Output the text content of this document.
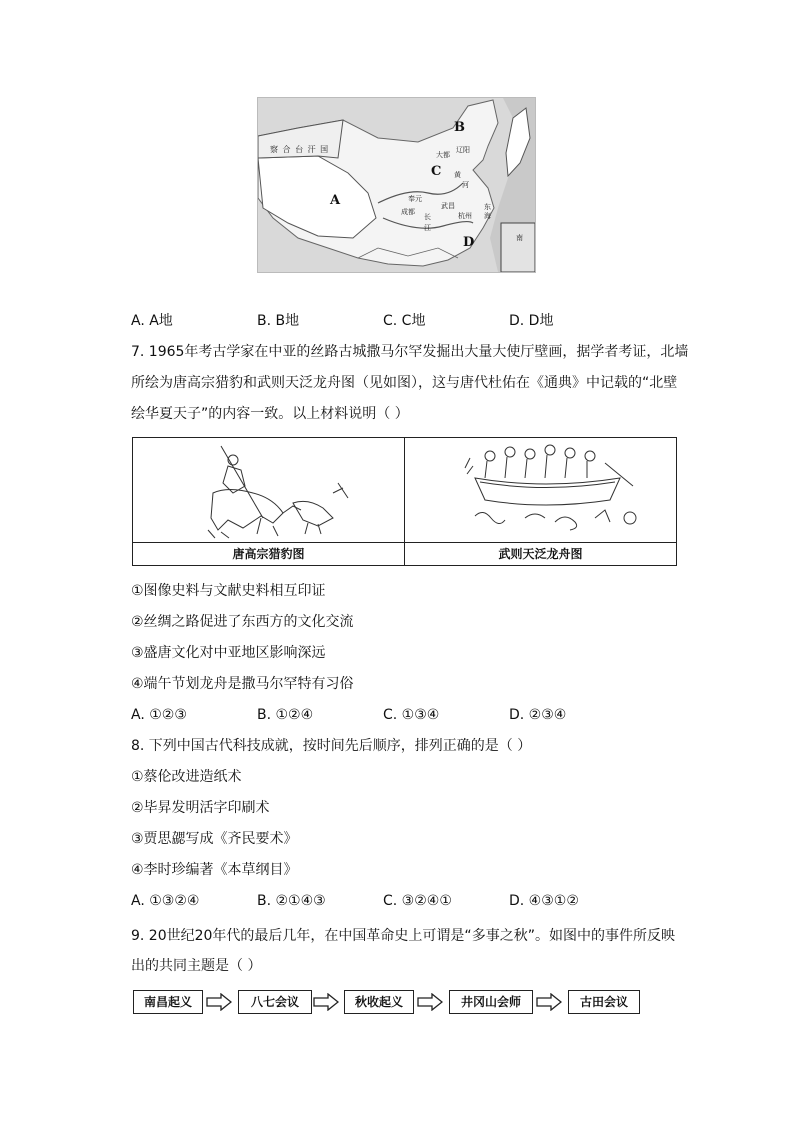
B
A
C
D
察 合 台 汗 国
大都
辽阳
奉元
成都
武昌
杭州
黄
河
长
江
东
海
南
A. A地	B. B地	C. C地	D. D地
7. 1965年考古学家在中亚的丝路古城撒马尔罕发掘出大量大使厅壁画，据学者考证，北墙
所绘为唐高宗猎豹和武则天泛龙舟图（见如图），这与唐代杜佑在《通典》中记载的“北壁
绘华夏天子”的内容一致。以上材料说明（ ）
唐高宗猎豹图	武则天泛龙舟图
①图像史料与文献史料相互印证
②丝绸之路促进了东西方的文化交流
③盛唐文化对中亚地区影响深远
④端午节划龙舟是撒马尔罕特有习俗
A. ①②③	B. ①②④	C. ①③④	D. ②③④
8. 下列中国古代科技成就，按时间先后顺序，排列正确的是（ ）
①蔡伦改进造纸术
②毕昇发明活字印刷术
③贾思勰写成《齐民要术》
④李时珍编著《本草纲目》
A. ①③②④	B. ②①④③	C. ③②④①	D. ④③①②
9. 20世纪20年代的最后几年，在中国革命史上可谓是“多事之秋”。如图中的事件所反映
出的共同主题是（ ）
南昌起义	八七会议	秋收起义	井冈山会师	古田会议
